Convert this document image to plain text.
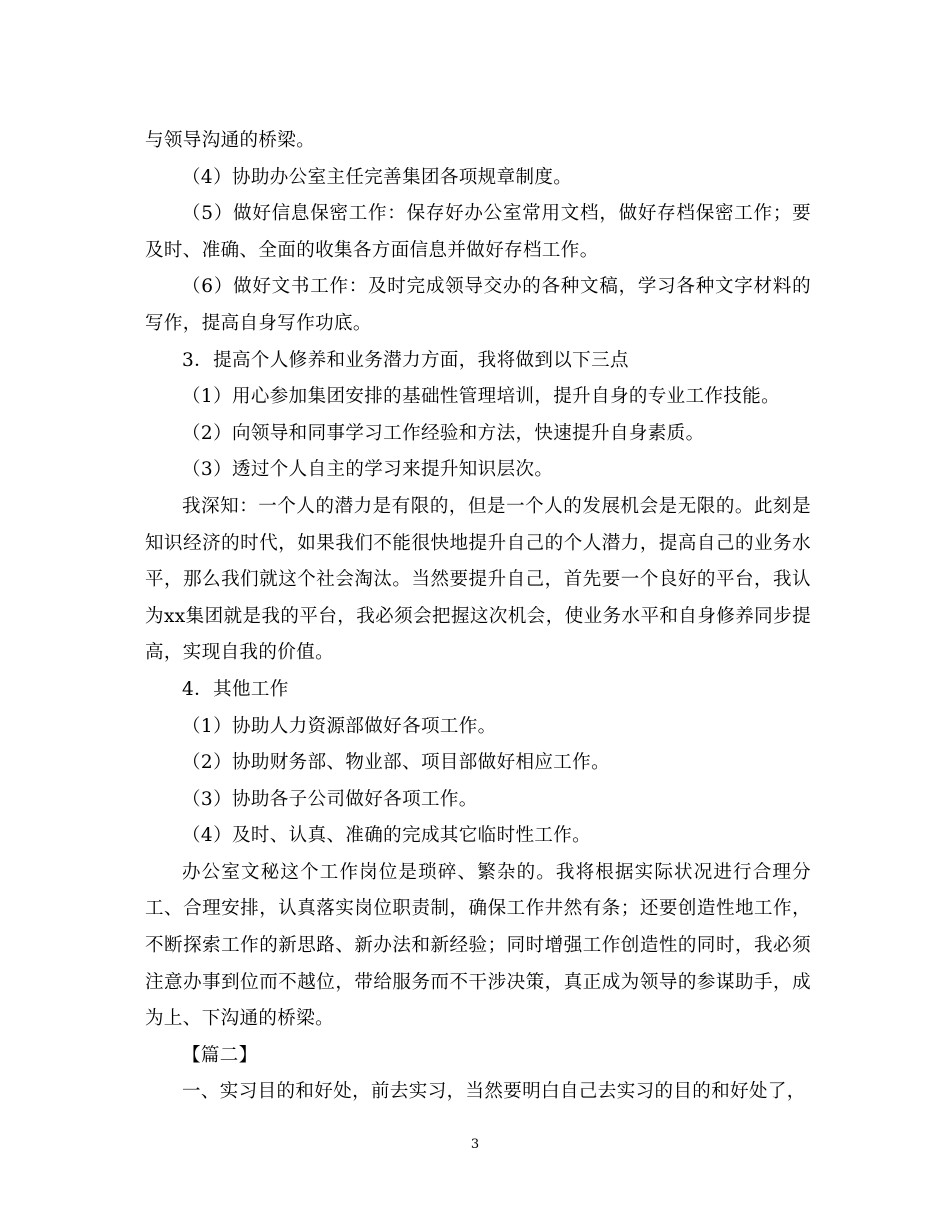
与领导沟通的桥梁。

（4）协助办公室主任完善集团各项规章制度。

（5）做好信息保密工作：保存好办公室常用文档，做好存档保密工作；要及时、准确、全面的收集各方面信息并做好存档工作。

（6）做好文书工作：及时完成领导交办的各种文稿，学习各种文字材料的写作，提高自身写作功底。

3．提高个人修养和业务潜力方面，我将做到以下三点

（1）用心参加集团安排的基础性管理培训，提升自身的专业工作技能。

（2）向领导和同事学习工作经验和方法，快速提升自身素质。

（3）透过个人自主的学习来提升知识层次。

我深知：一个人的潜力是有限的，但是一个人的发展机会是无限的。此刻是知识经济的时代，如果我们不能很快地提升自己的个人潜力，提高自己的业务水平，那么我们就这个社会淘汰。当然要提升自己，首先要一个良好的平台，我认为xx集团就是我的平台，我必须会把握这次机会，使业务水平和自身修养同步提高，实现自我的价值。

4．其他工作

（1）协助人力资源部做好各项工作。

（2）协助财务部、物业部、项目部做好相应工作。

（3）协助各子公司做好各项工作。

（4）及时、认真、准确的完成其它临时性工作。

办公室文秘这个工作岗位是琐碎、繁杂的。我将根据实际状况进行合理分工、合理安排，认真落实岗位职责制，确保工作井然有条；还要创造性地工作，不断探索工作的新思路、新办法和新经验；同时增强工作创造性的同时，我必须注意办事到位而不越位，带给服务而不干涉决策，真正成为领导的参谋助手，成为上、下沟通的桥梁。

【篇二】

一、实习目的和好处，前去实习，当然要明白自己去实习的目的和好处了，

3
